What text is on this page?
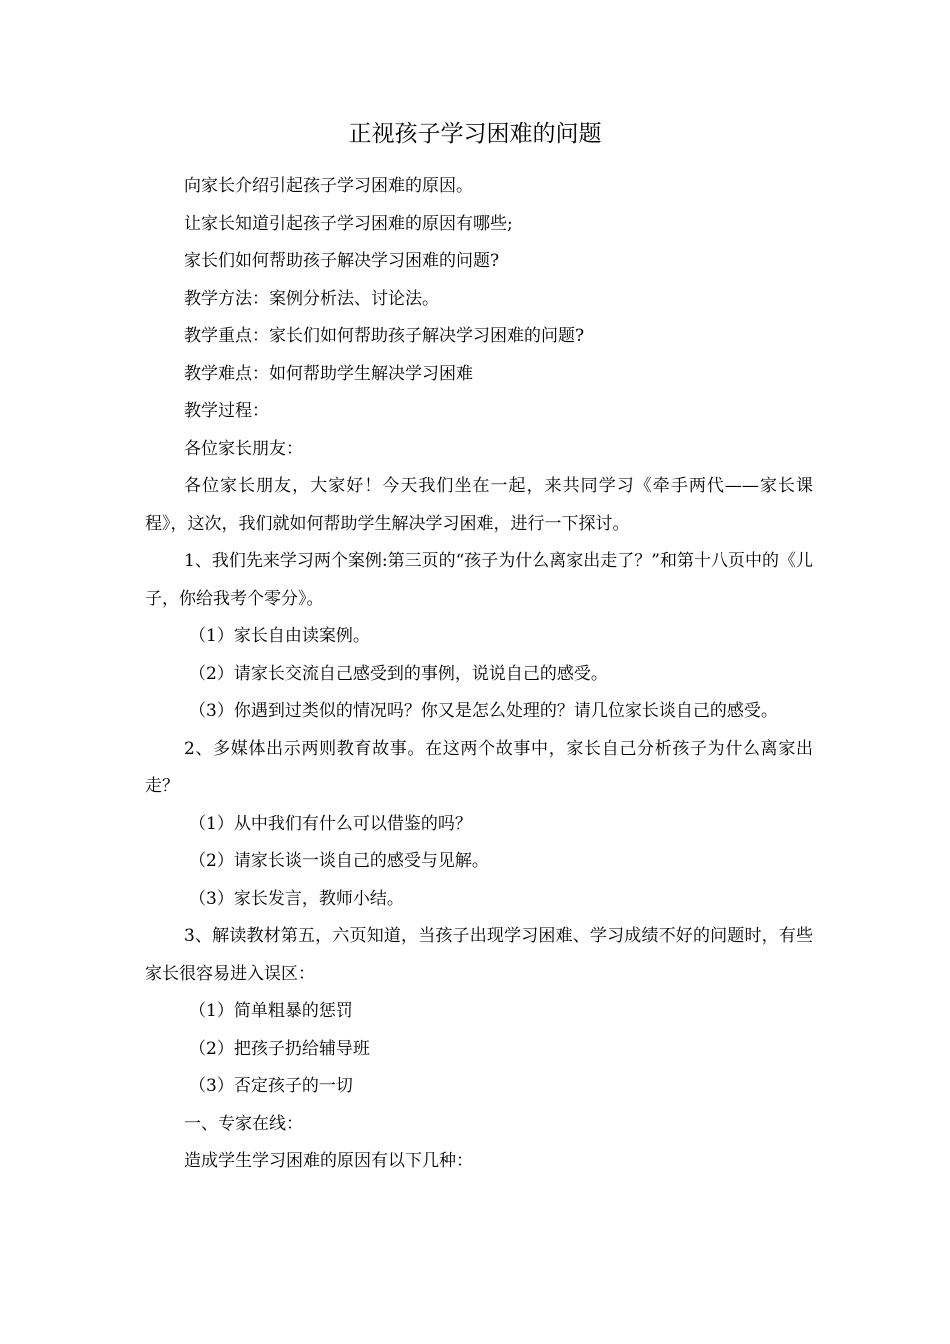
正视孩子学习困难的问题

向家长介绍引起孩子学习困难的原因。

让家长知道引起孩子学习困难的原因有哪些;

家长们如何帮助孩子解决学习困难的问题?

教学方法：案例分析法、讨论法。

教学重点：家长们如何帮助孩子解决学习困难的问题?

教学难点：如何帮助学生解决学习困难

教学过程：

各位家长朋友：

各位家长朋友，大家好！今天我们坐在一起，来共同学习《牵手两代——家长课程》，这次，我们就如何帮助学生解决学习困难，进行一下探讨。

1、我们先来学习两个案例:第三页的“孩子为什么离家出走了？”和第十八页中的《儿子，你给我考个零分》。

（1）家长自由读案例。

（2）请家长交流自己感受到的事例，说说自己的感受。

（3）你遇到过类似的情况吗？你又是怎么处理的？请几位家长谈自己的感受。

2、多媒体出示两则教育故事。在这两个故事中，家长自己分析孩子为什么离家出走？

（1）从中我们有什么可以借鉴的吗？

（2）请家长谈一谈自己的感受与见解。

（3）家长发言，教师小结。

3、解读教材第五，六页知道，当孩子出现学习困难、学习成绩不好的问题时，有些家长很容易进入误区：

（1）简单粗暴的惩罚

（2）把孩子扔给辅导班

（3）否定孩子的一切

一、专家在线：

造成学生学习困难的原因有以下几种：
